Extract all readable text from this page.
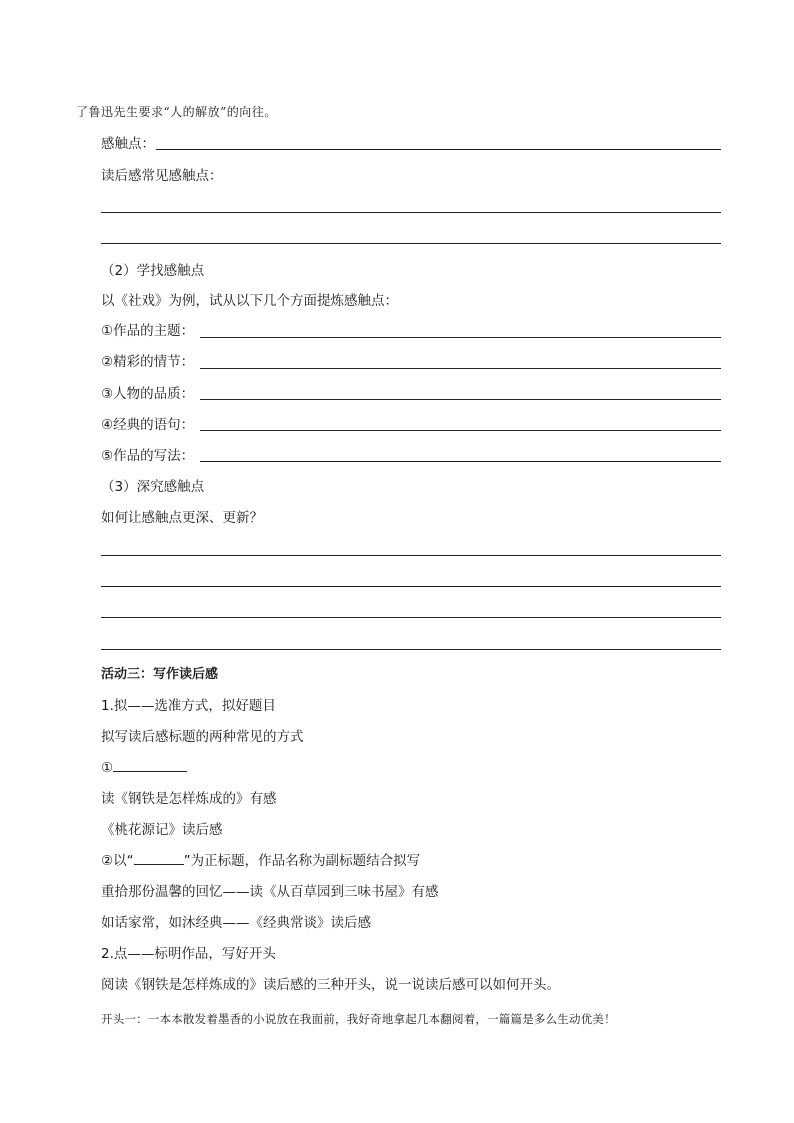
了鲁迅先生要求“人的解放”的向往。
感触点：
读后感常见感触点：
（2）学找感触点
以《社戏》为例，试从以下几个方面提炼感触点：
①作品的主题：
②精彩的情节：
③人物的品质：
④经典的语句：
⑤作品的写法：
（3）深究感触点
如何让感触点更深、更新？
活动三：写作读后感
1.拟——选准方式，拟好题目
拟写读后感标题的两种常见的方式
①
读《钢铁是怎样炼成的》有感
《桃花源记》读后感
②以“	”为正标题，作品名称为副标题结合拟写
重拾那份温馨的回忆——读《从百草园到三味书屋》有感
如话家常，如沐经典——《经典常谈》读后感
2.点——标明作品，写好开头
阅读《钢铁是怎样炼成的》读后感的三种开头，说一说读后感可以如何开头。
开头一：一本本散发着墨香的小说放在我面前，我好奇地拿起几本翻阅着，一篇篇是多么生动优美！
